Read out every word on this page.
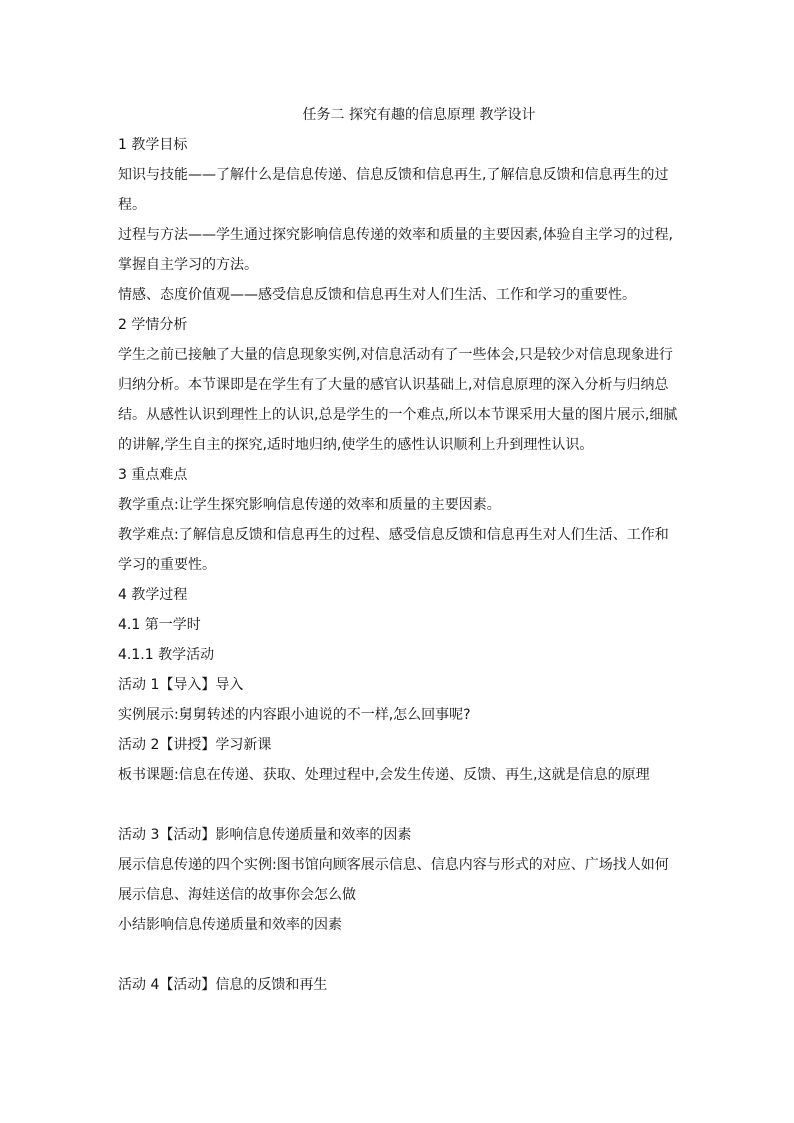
任务二 探究有趣的信息原理 教学设计
1 教学目标
知识与技能——了解什么是信息传递、信息反馈和信息再生,了解信息反馈和信息再生的过程。
过程与方法——学生通过探究影响信息传递的效率和质量的主要因素,体验自主学习的过程,掌握自主学习的方法。
情感、态度价值观——感受信息反馈和信息再生对人们生活、工作和学习的重要性。
2 学情分析
学生之前已接触了大量的信息现象实例,对信息活动有了一些体会,只是较少对信息现象进行归纳分析。本节课即是在学生有了大量的感官认识基础上,对信息原理的深入分析与归纳总结。从感性认识到理性上的认识,总是学生的一个难点,所以本节课采用大量的图片展示,细腻的讲解,学生自主的探究,适时地归纳,使学生的感性认识顺利上升到理性认识。
3 重点难点
教学重点:让学生探究影响信息传递的效率和质量的主要因素。
教学难点:了解信息反馈和信息再生的过程、感受信息反馈和信息再生对人们生活、工作和学习的重要性。
4 教学过程
4.1 第一学时
4.1.1 教学活动
活动 1【导入】导入
实例展示:舅舅转述的内容跟小迪说的不一样,怎么回事呢?
活动 2【讲授】学习新课
板书课题:信息在传递、获取、处理过程中,会发生传递、反馈、再生,这就是信息的原理
活动 3【活动】影响信息传递质量和效率的因素
展示信息传递的四个实例:图书馆向顾客展示信息、信息内容与形式的对应、广场找人如何展示信息、海娃送信的故事你会怎么做
小结影响信息传递质量和效率的因素
活动 4【活动】信息的反馈和再生
